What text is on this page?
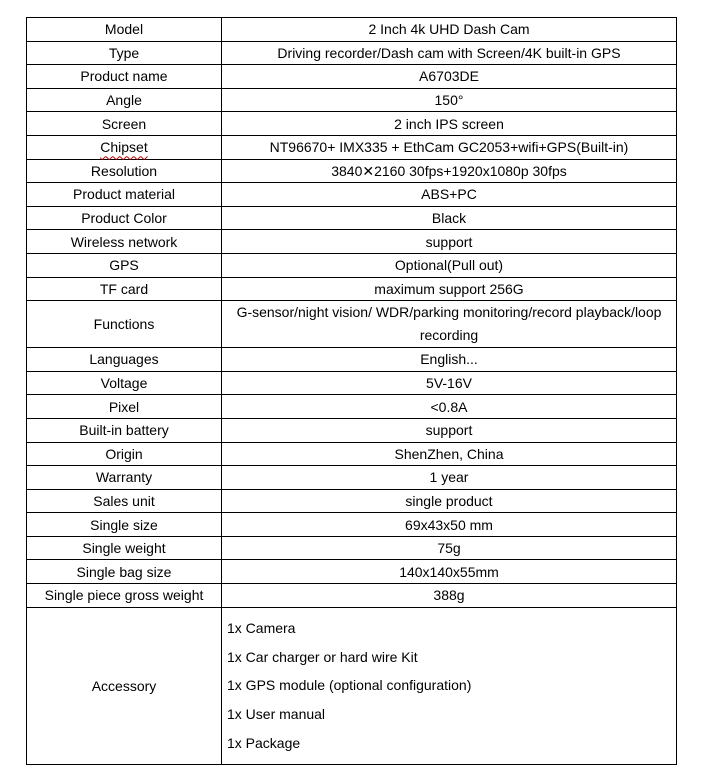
Model	2 Inch 4k UHD Dash Cam
Type	Driving recorder/Dash cam with Screen/4K built-in GPS
Product name	A6703DE
Angle	150°
Screen	2 inch IPS screen
Chipset	NT96670+ IMX335 + EthCam GC2053+wifi+GPS(Built-in)
Resolution	3840✕2160 30fps+1920x1080p 30fps
Product material	ABS+PC
Product Color	Black
Wireless network	support
GPS	Optional(Pull out)
TF card	maximum support 256G
Functions	G-sensor/night vision/ WDR/parking monitoring/record playback/loop recording
Languages	English...
Voltage	5V-16V
Pixel	<0.8A
Built-in battery	support
Origin	ShenZhen, China
Warranty	1 year
Sales unit	single product
Single size	69x43x50 mm
Single weight	75g
Single bag size	140x140x55mm
Single piece gross weight	388g
Accessory	1x Camera
1x Car charger or hard wire Kit
1x GPS module (optional configuration)
1x User manual
1x Package
